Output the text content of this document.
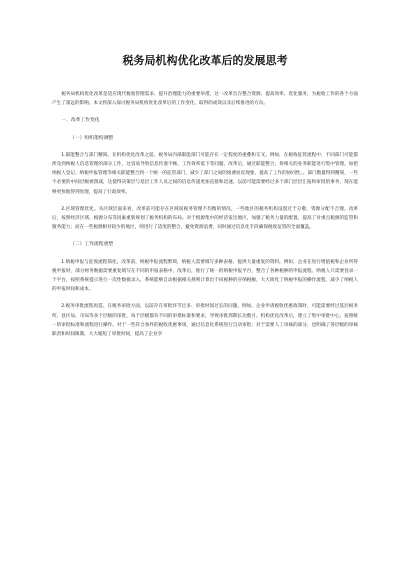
税务局机构优化改革后的发展思考

税务局机构优化改革是适应现代税收管理需求、提升治理能力的重要举措。这一改革旨在整合资源、提高效率、优化服务，为税收工作的各个方面产生了深远的影响。本文将深入探讨税务局机构优化改革后的工作变化、取得的成效以及后续推进的方向。

一、改革工作变化
（一）组织架构调整

1.职能整合与部门精简。在机构优化改革之前，税务局内部职能部门可能存在一定程度的重叠和交叉。例如，在税收征管流程中，不同部门可能都涉及到纳税人信息管理的部分工作，这容易导致信息传递不畅、工作效率低下等问题。改革后，通过职能整合，将相关的业务职能进行集中管理。如把纳税人登记、纳税申报管理等相关职能整合到一个统一的征管部门，减少了部门之间的推诿扯皮现象，提高了工作的协同性。。部门数量得到精简，一些不必要的中间层级被削减，这使得决策层与基层工作人员之间的信息传递更加直接和迅速。以前可能需要经过多个部门层层汇报和审批的事务，现在能够更快地得到处理，提高了行政效率。

2.区域管理优化。从区域层面来看，改革前可能存在区域间税务管理不均衡的情况。一些地区的税务机构设置过于分散，资源分配不合理。改革后，按照经济区域、税源分布等因素重新规划了税务机构的布局。对于税源集中的经济发达地区，加强了税务力量的配置，提高了对重点税源的监管和服务能力；而在一些税源相对较少的地区，则进行了适度的整合，避免资源浪费，同时通过信息化手段确保税收征管的全面覆盖。

（二）工作流程重塑

1.纳税申报与征收流程简化。改革前，纳税申报流程繁琐，纳税人需要填写多种表格，提供大量重复的资料。例如，企业在进行增值税和企业所得税申报时，部分财务数据需要重复填写在不同的申报表格中。改革后，推行了统一的纳税申报平台，整合了各种税种的申报流程。纳税人只需要登录一个平台，按照系统提示进行一次性数据录入，系统能够自动根据相关规则计算出不同税种的应纳税额，大大简化了纳税申报的操作流程，减少了纳税人的申报时间和成本。

2.税务审批流程再造。在税务审批方面，以前存在审批环节过多、审批时间过长的问题。例如，企业申请税收优惠政策时，可能需要经过基层税务所、县区局、市局等多个层级的审批，每个层级都有不同的审批标准和要求，导致审批周期长达数月。机构优化改革后，建立了集中审批中心，按照统一的审批标准和流程进行操作。对于一些符合条件的税收优惠事项，通过信息化系统进行自动审批；对于需要人工审核的部分，也明确了各层级的审核职责和时间限制，大大缩短了审批时间，提高了企业享
